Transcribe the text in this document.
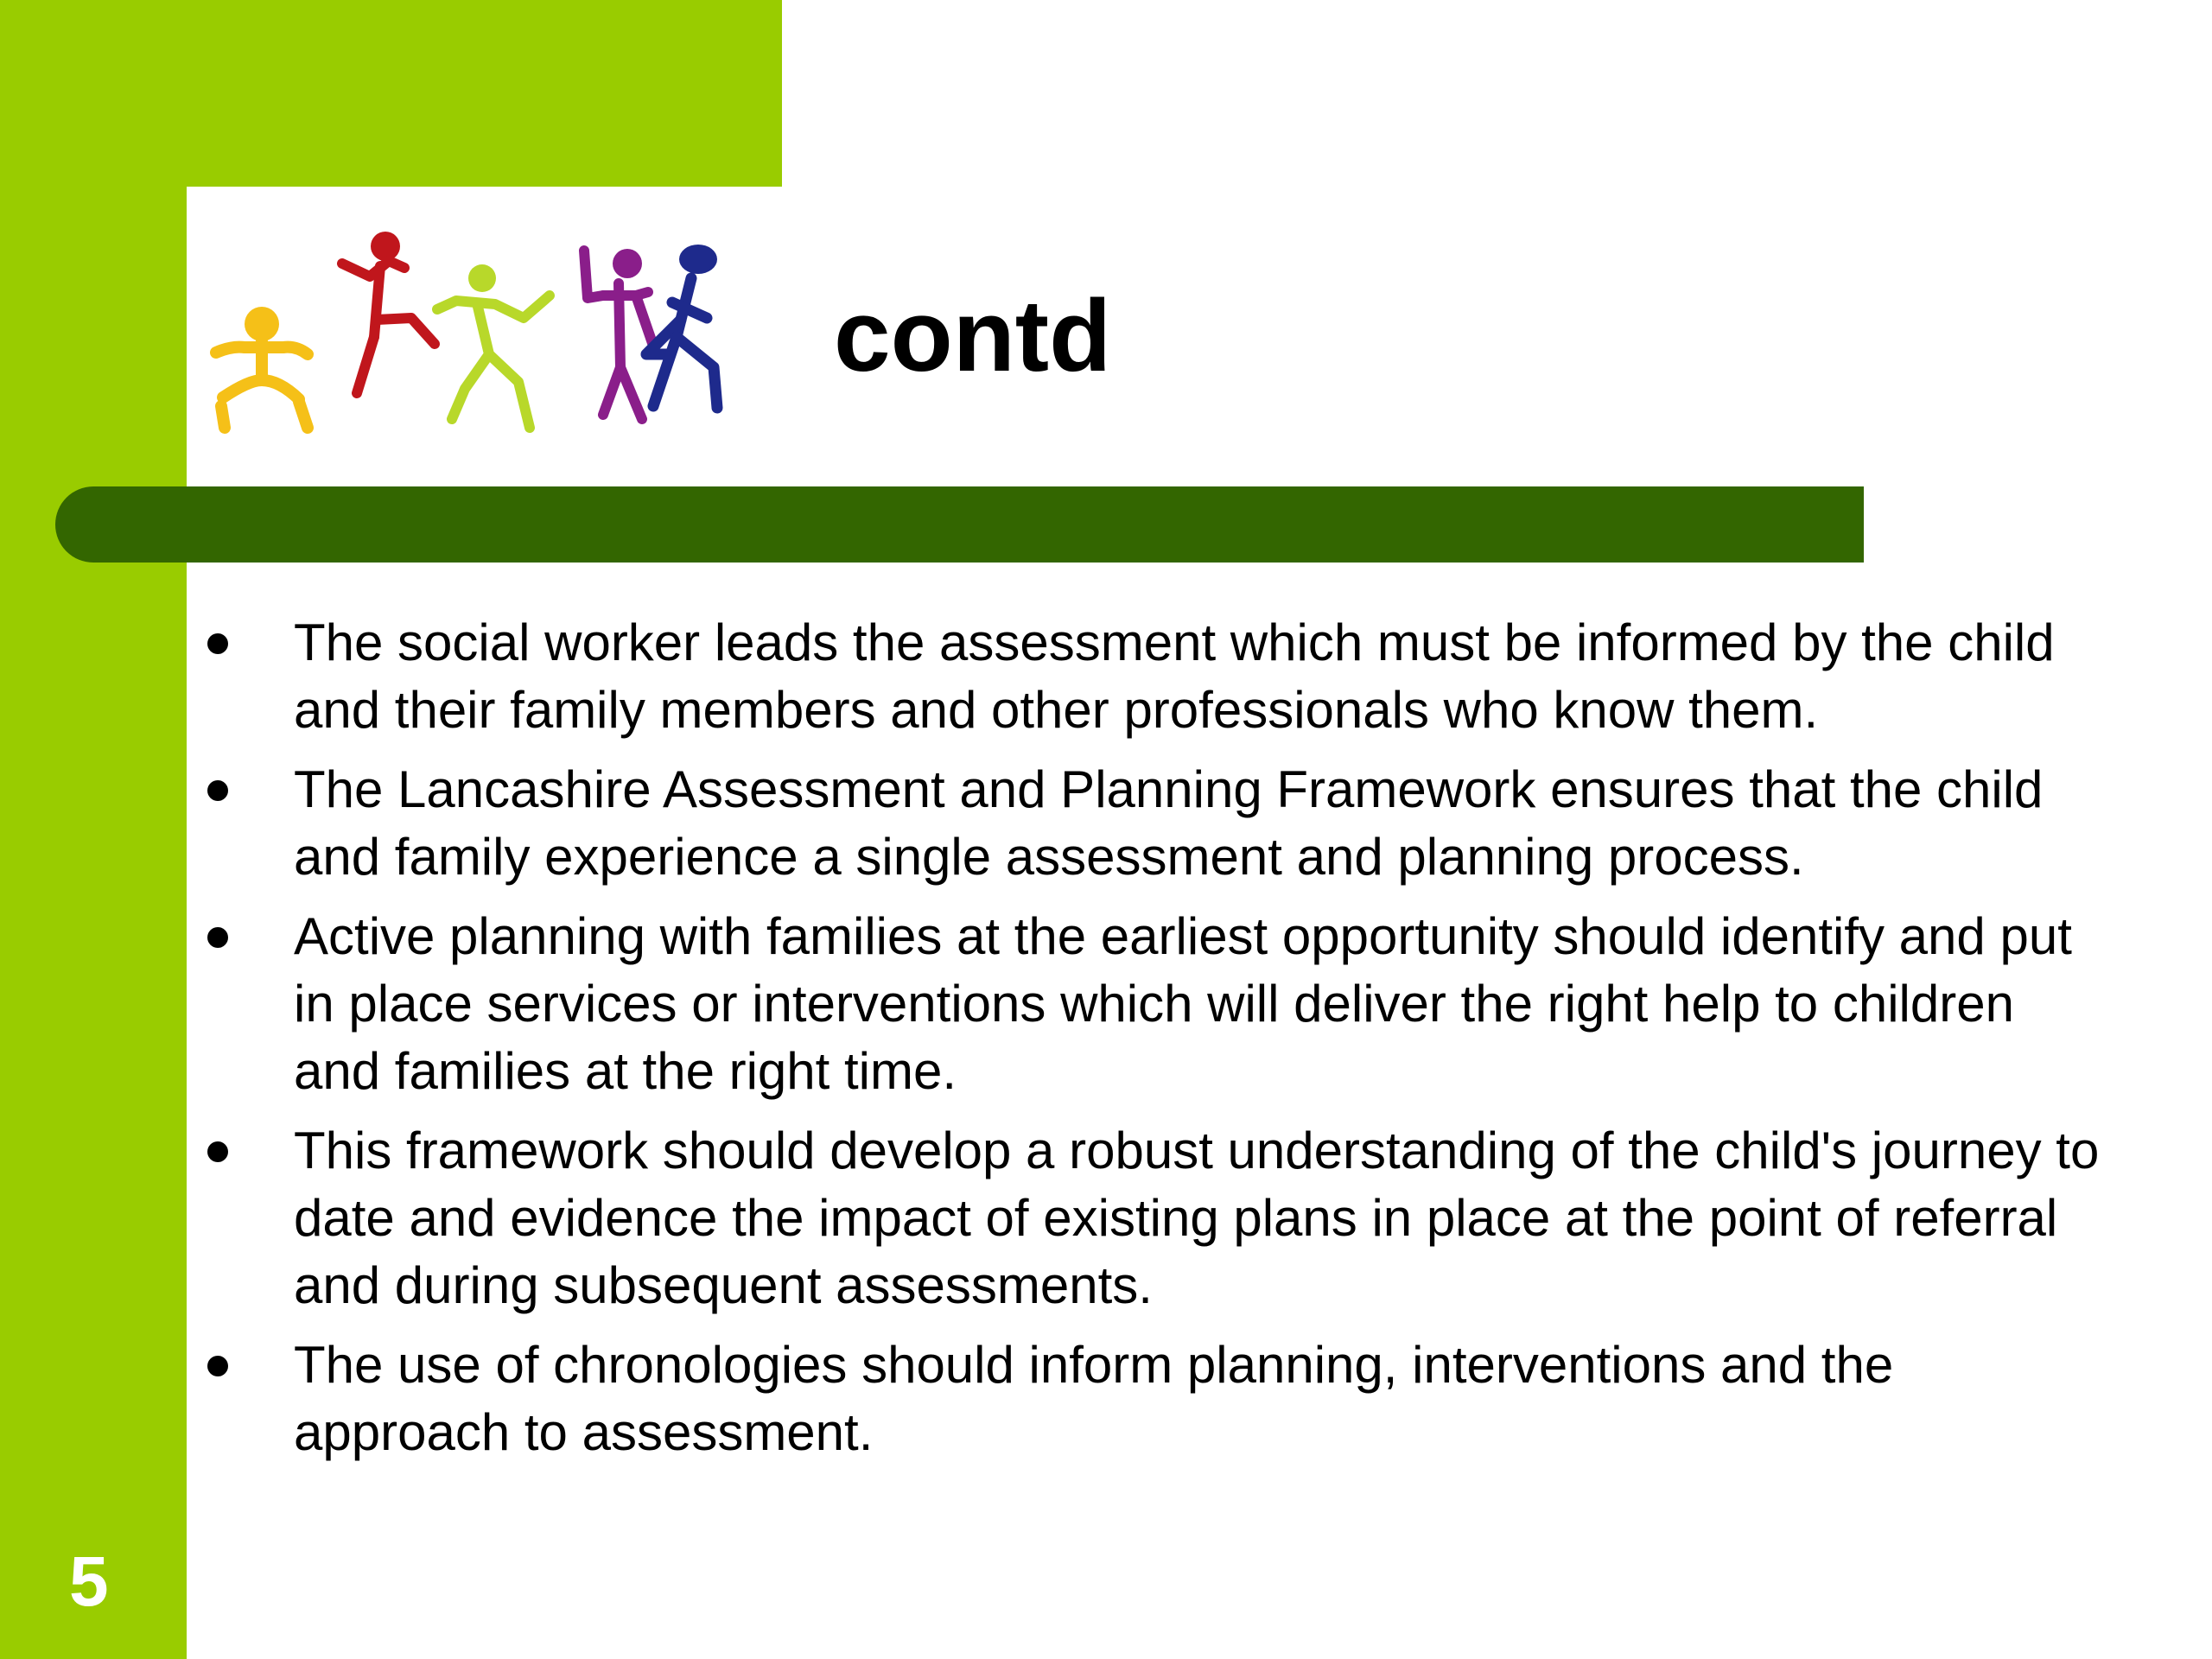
contd
The social worker leads the assessment which must be informed by the child and their family members and other professionals who know them.
The Lancashire Assessment and Planning Framework ensures that the child and family experience a single assessment and planning process.
Active planning with families at the earliest opportunity should identify and put in place services or interventions which will deliver the right help to children and families at the right time.
This framework should develop a robust understanding of the child's journey to date and evidence the impact of existing plans in place at the point of referral and during subsequent assessments.
The use of chronologies should inform planning, interventions and the approach to assessment.
5
